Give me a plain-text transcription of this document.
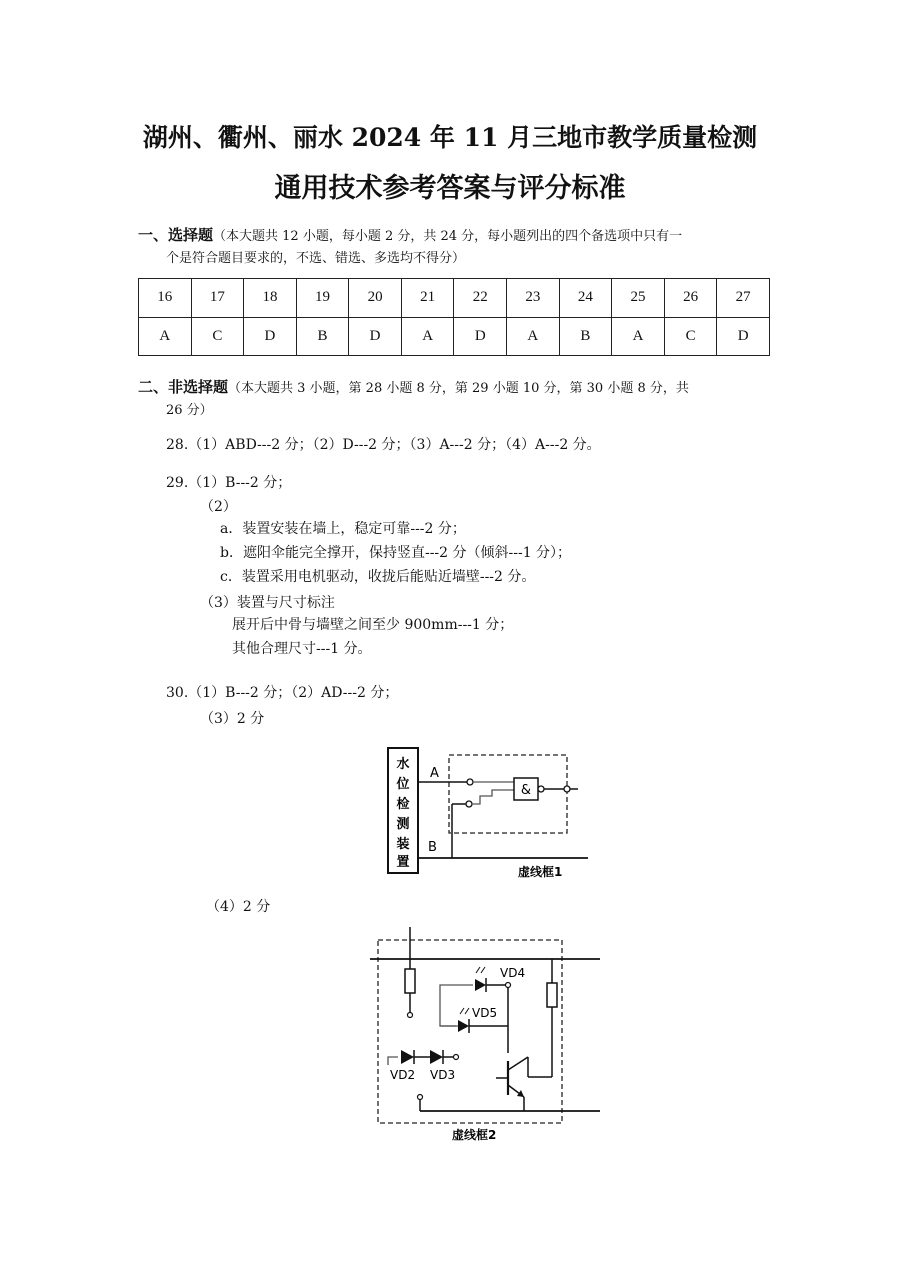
湖州、衢州、丽水 2024 年 11 月三地市教学质量检测
通用技术参考答案与评分标准
一、选择题（本大题共 12 小题，每小题 2 分，共 24 分，每小题列出的四个备选项中只有一
个是符合题目要求的，不选、错选、多选均不得分）
16	17	18	19	20	21	22	23	24	25	26	27
A	C	D	B	D	A	D	A	B	A	C	D
二、非选择题（本大题共 3 小题，第 28 小题 8 分，第 29 小题 10 分，第 30 小题 8 分，共
26 分）
28.（1）ABD---2 分；（2）D---2 分；（3）A---2 分；（4）A---2 分。
29.（1）B---2 分；
（2）
a．装置安装在墙上，稳定可靠---2 分；
b．遮阳伞能完全撑开，保持竖直---2 分（倾斜---1 分）；
c．装置采用电机驱动，收拢后能贴近墙壁---2 分。
（3）装置与尺寸标注
展开后中骨与墙壁之间至少 900mm---1 分；
其他合理尺寸---1 分。
30.（1）B---2 分；（2）AD---2 分；
（3）2 分
水
位
检
测
装
置
A
B
&
虚线框1
（4）2 分
VD4
VD5
VD2 VD3
虚线框2
